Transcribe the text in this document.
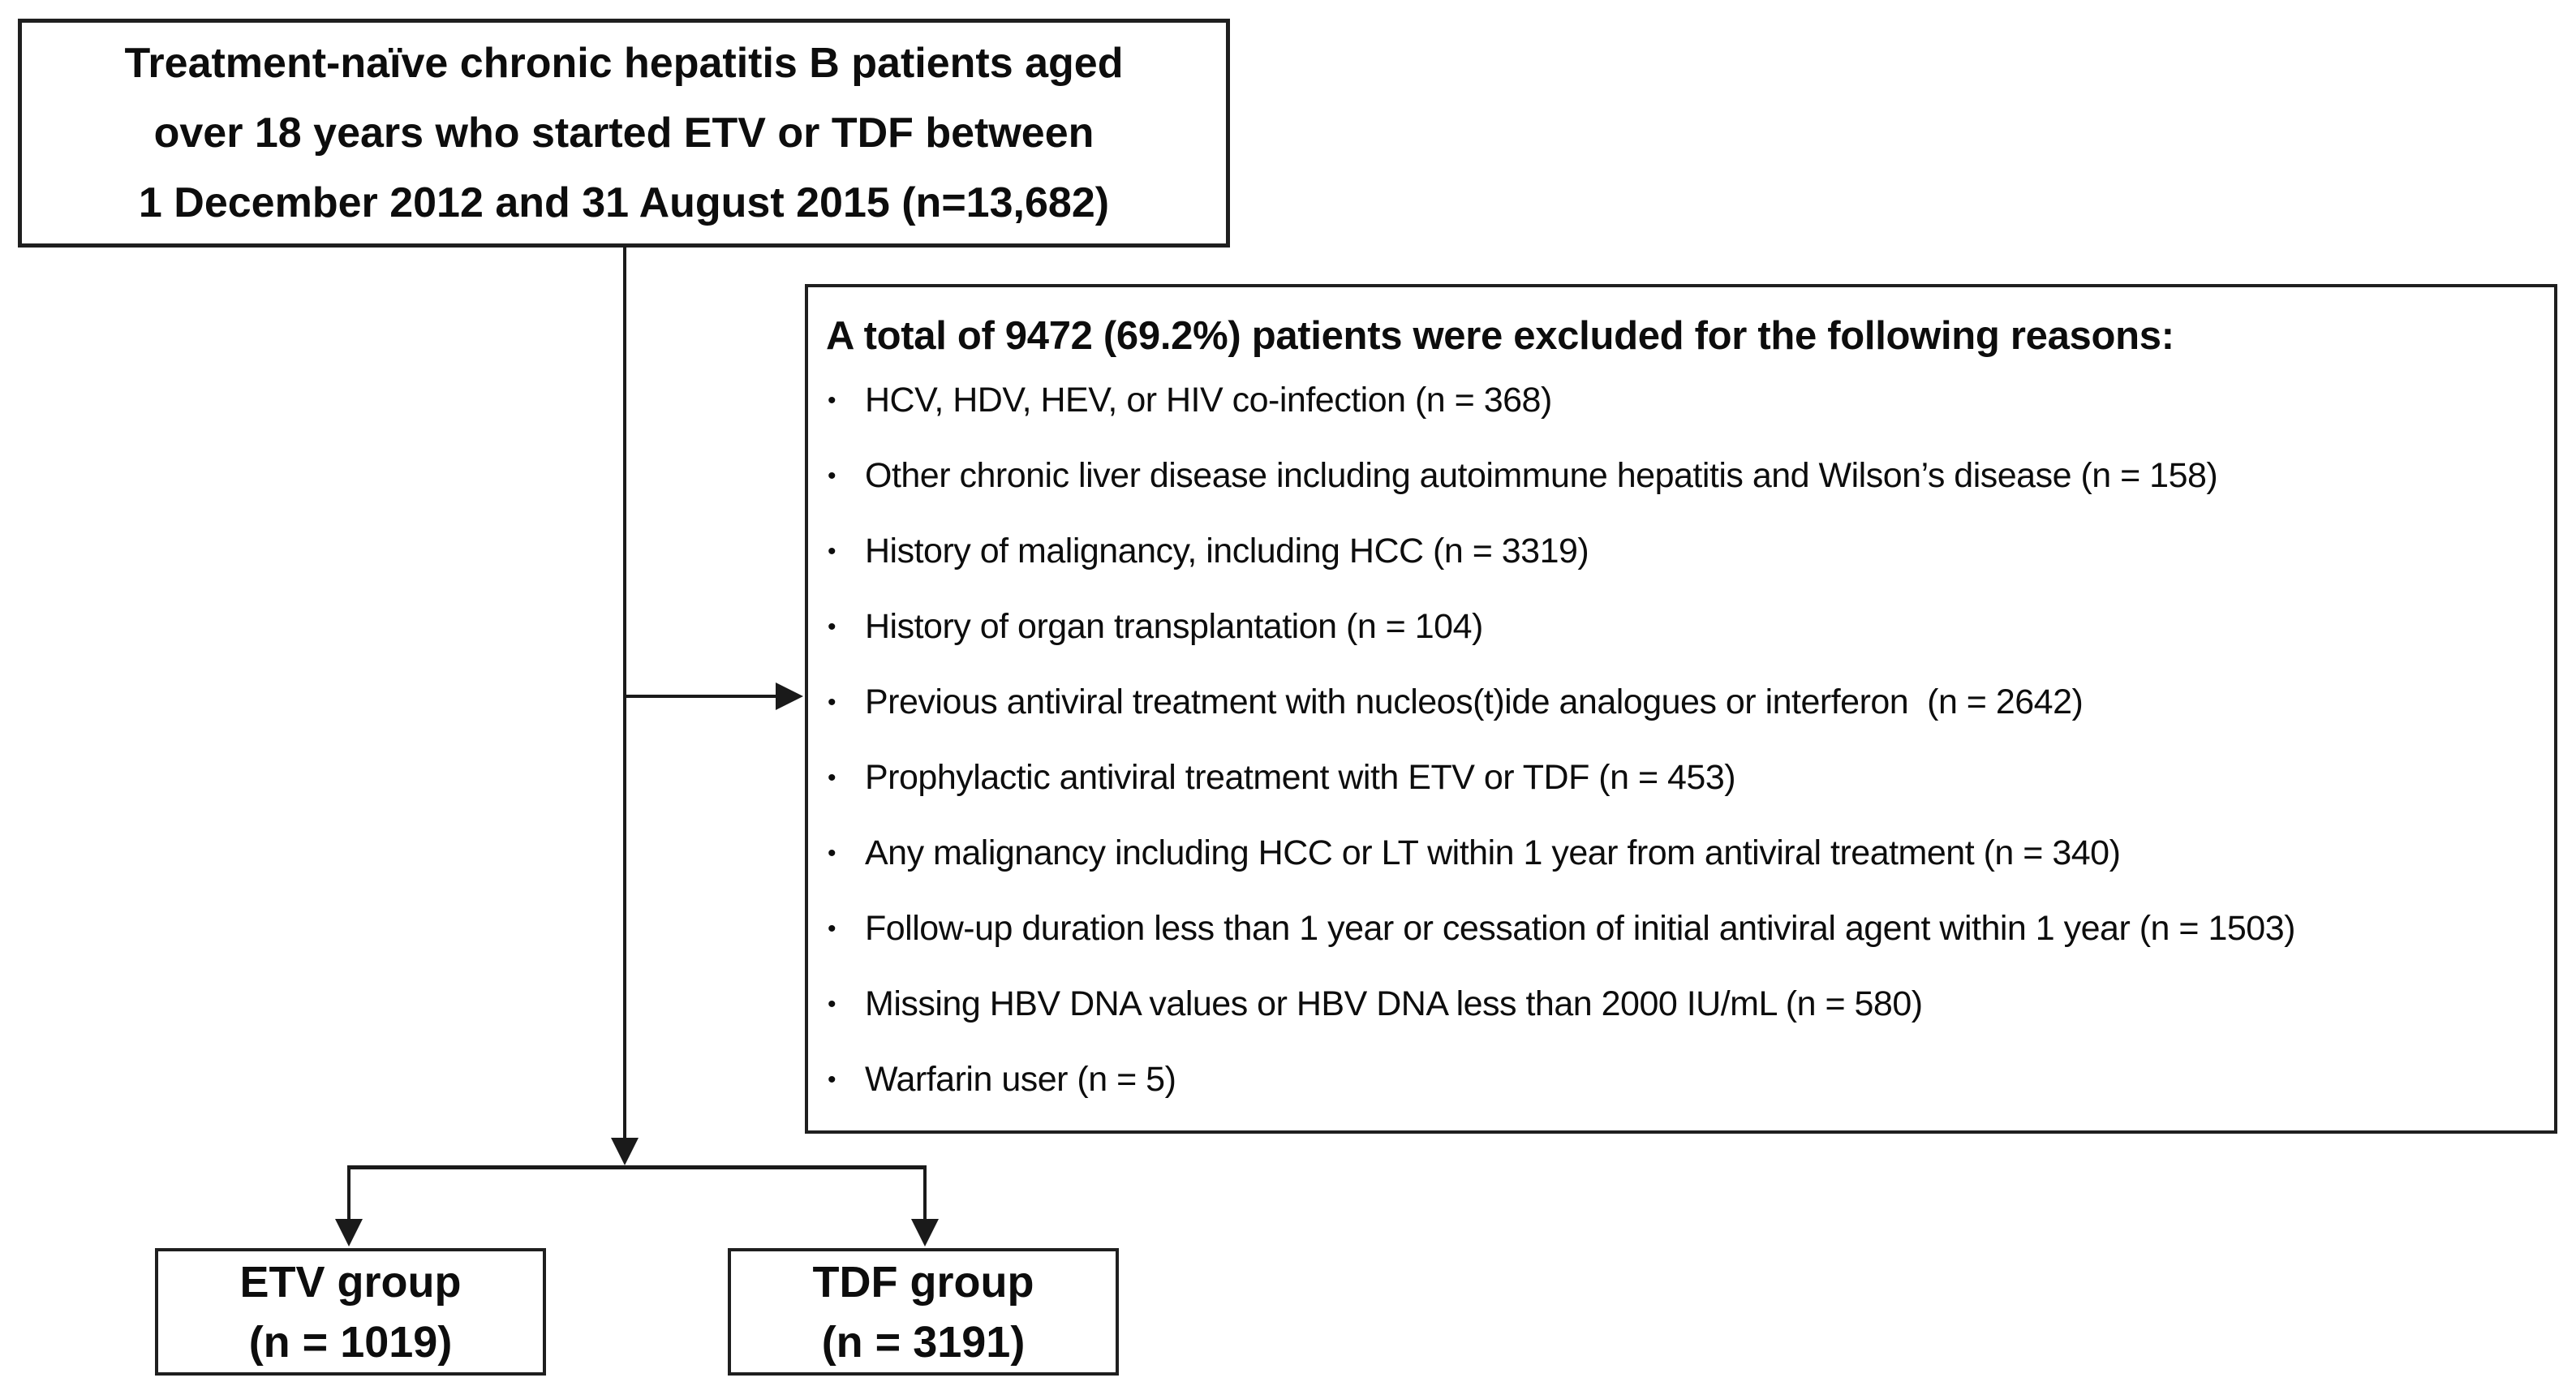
Treatment-naïve chronic hepatitis B patients aged
over 18 years who started ETV or TDF between
1 December 2012 and 31 August 2015 (n=13,682)
A total of 9472 (69.2%) patients were excluded for the following reasons:
• HCV, HDV, HEV, or HIV co-infection (n = 368)
• Other chronic liver disease including autoimmune hepatitis and Wilson’s disease (n = 158)
• History of malignancy, including HCC (n = 3319)
• History of organ transplantation (n = 104)
• Previous antiviral treatment with nucleos(t)ide analogues or interferon  (n = 2642)
• Prophylactic antiviral treatment with ETV or TDF (n = 453)
• Any malignancy including HCC or LT within 1 year from antiviral treatment (n = 340)
• Follow-up duration less than 1 year or cessation of initial antiviral agent within 1 year (n = 1503)
• Missing HBV DNA values or HBV DNA less than 2000 IU/mL (n = 580)
• Warfarin user (n = 5)
ETV group
(n = 1019)
TDF group
(n = 3191)
